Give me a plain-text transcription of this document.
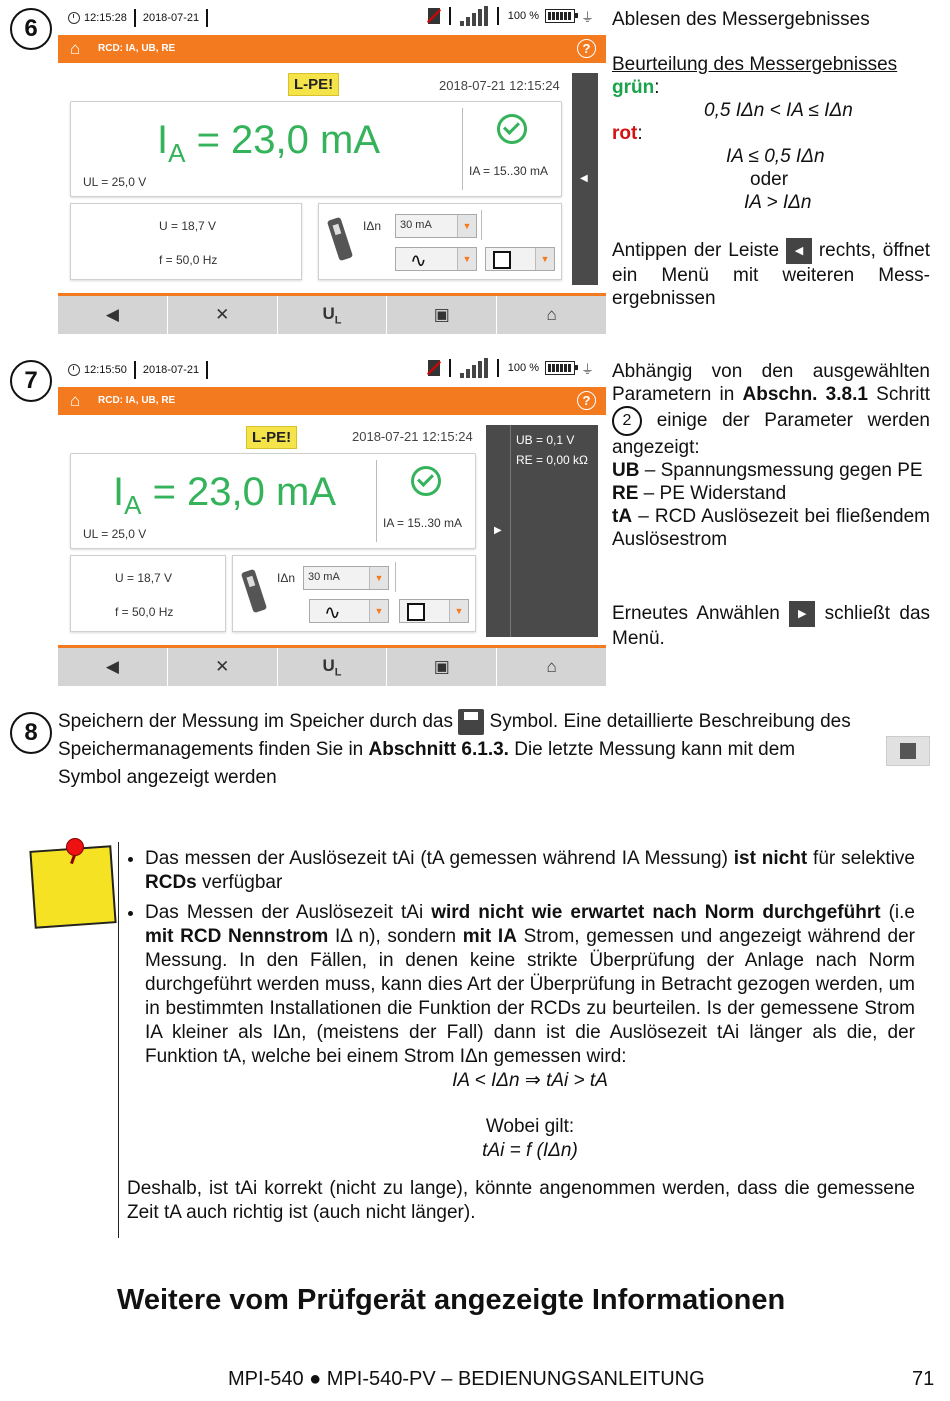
6	12:15:28 2018-07-21	100 %	⏚
⌂ RCD: IA, UB, RE	?
L-PE!	2018-07-21 12:15:24
$I_A = 23,0$ mA
UL = 25,0 V
IA = 15..30 mA
◀
U = 18,7 V
f = 50,0 Hz
IΔn 30 mA	▼
∿	▼	▼
◀	✕	$U_L$	▣	⌂
Ablesen des Messergebnisses
Beurteilung des Messergebnisses
grün:
0,5 IΔn < IA ≤ IΔn
rot:
IA ≤ 0,5 IΔn
oder
IA > IΔn
Antippen der Leiste ◀ rechts, öffnet ein Menü mit weiteren Messergebnissen
7	12:15:50 2018-07-21	100 %	⏚
⌂ RCD: IA, UB, RE	?
L-PE!	2018-07-21 12:15:24
$I_A = 23,0$ mA
UL = 25,0 V
IA = 15..30 mA
UB = 0,1 V
RE = 0,00 kΩ
▶
U = 18,7 V
f = 50,0 Hz
IΔn 30 mA	▼
∿	▼	▼
◀	✕	$U_L$	▣	⌂
Abhängig von den ausgewählten Parametern in Abschn. 3.8.1 Schritt 2 einige der Parameter werden angezeigt:
UB – Spannungsmessung gegen PE
RE – PE Widerstand
tA – RCD Auslösezeit bei fließendem Auslösestrom
Erneutes Anwählen ▶ schließt das Menü.
8	Speichern der Messung im Speicher durch das Symbol. Eine detaillierte Beschreibung des Speichermanagements finden Sie in Abschnitt 6.1.3. Die letzte Messung kann mit dem

Symbol angezeigt werden
• Das messen der Auslösezeit tAi (tA gemessen während IA Messung) ist nicht für selektive RCDs verfügbar
• Das Messen der Auslösezeit tAi wird nicht wie erwartet nach Norm durchgeführt (i.e mit RCD Nennstrom IΔ n), sondern mit IA Strom, gemessen und angezeigt während der Messung. In den Fällen, in denen keine strikte Überprüfung der Anlage nach Norm durchgeführt werden muss, kann dies Art der Überprüfung in Betracht gezogen werden, um in bestimmten Installationen die Funktion der RCDs zu beurteilen. Is der gemessene Strom IA kleiner als IΔn, (meistens der Fall) dann ist die Auslösezeit tAi länger als die, der Funktion tA, welche bei einem Strom IΔn gemessen wird:
IA < IΔn ⇒ tAi > tA
Wobei gilt:
tAi = f (IΔn)
Deshalb, ist tAi korrekt (nicht zu lange), könnte angenommen werden, dass die gemessene Zeit tA auch richtig ist (auch nicht länger).
Weitere vom Prüfgerät angezeigte Informationen
MPI-540 ● MPI-540-PV – BEDIENUNGSANLEITUNG	71
